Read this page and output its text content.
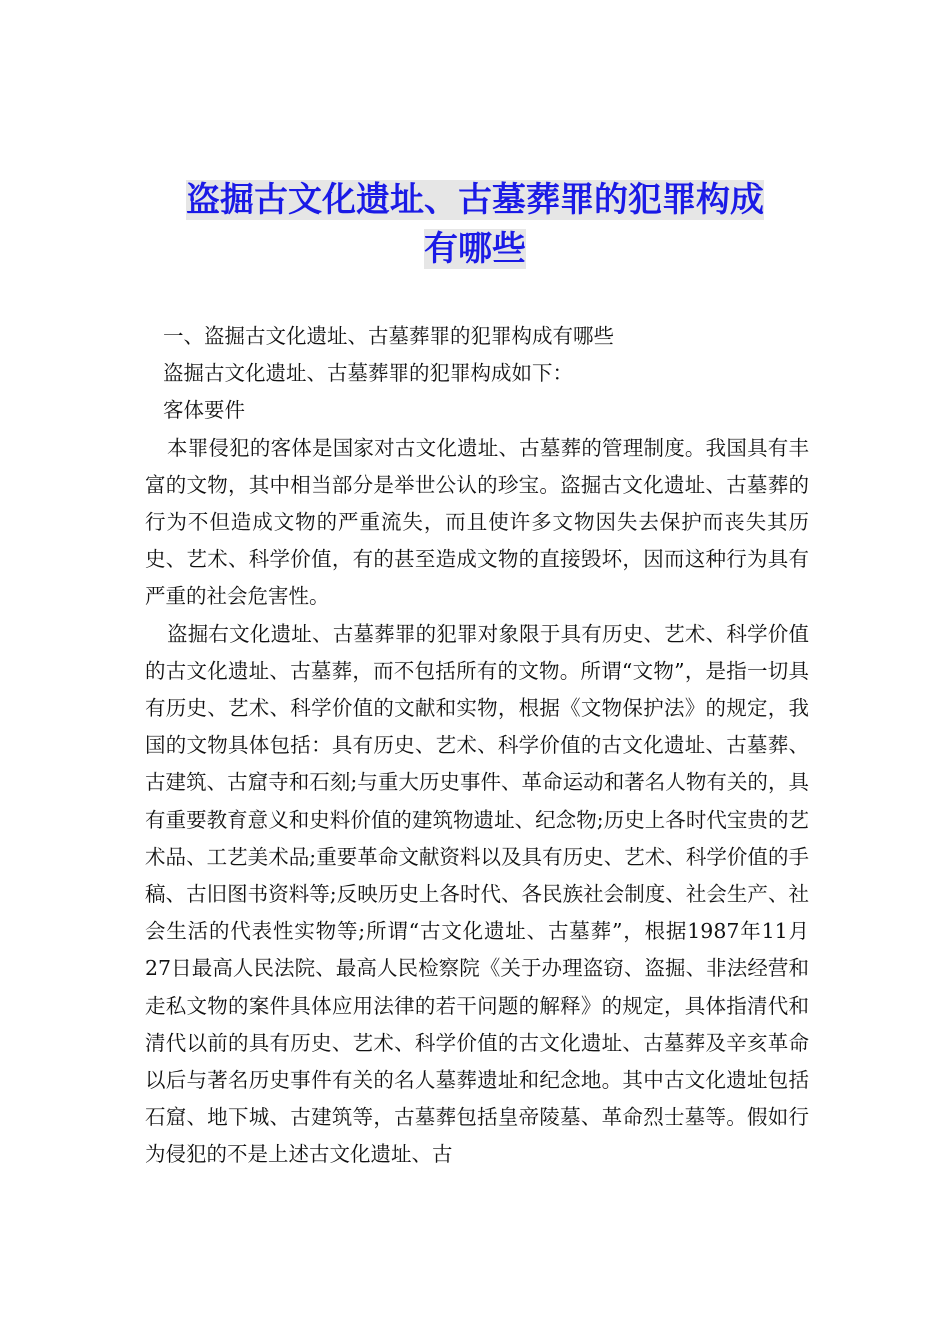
盗掘古文化遗址、古墓葬罪的犯罪构成
有哪些

一、盗掘古文化遗址、古墓葬罪的犯罪构成有哪些

盗掘古文化遗址、古墓葬罪的犯罪构成如下：

客体要件

本罪侵犯的客体是国家对古文化遗址、古墓葬的管理制度。我国具有丰富的文物，其中相当部分是举世公认的珍宝。盗掘古文化遗址、古墓葬的行为不但造成文物的严重流失，而且使许多文物因失去保护而丧失其历史、艺术、科学价值，有的甚至造成文物的直接毁坏，因而这种行为具有严重的社会危害性。

盗掘右文化遗址、古墓葬罪的犯罪对象限于具有历史、艺术、科学价值的古文化遗址、古墓葬，而不包括所有的文物。所谓“文物”，是指一切具有历史、艺术、科学价值的文献和实物，根据《文物保护法》的规定，我国的文物具体包括：具有历史、艺术、科学价值的古文化遗址、古墓葬、古建筑、古窟寺和石刻;与重大历史事件、革命运动和著名人物有关的，具有重要教育意义和史料价值的建筑物遗址、纪念物;历史上各时代宝贵的艺术品、工艺美术品;重要革命文献资料以及具有历史、艺术、科学价值的手稿、古旧图书资料等;反映历史上各时代、各民族社会制度、社会生产、社会生活的代表性实物等;所谓“古文化遗址、古墓葬”，根据1987年11月27日最高人民法院、最高人民检察院《关于办理盗窃、盗掘、非法经营和走私文物的案件具体应用法律的若干问题的解释》的规定，具体指清代和清代以前的具有历史、艺术、科学价值的古文化遗址、古墓葬及辛亥革命以后与著名历史事件有关的名人墓葬遗址和纪念地。其中古文化遗址包括石窟、地下城、古建筑等，古墓葬包括皇帝陵墓、革命烈士墓等。假如行为侵犯的不是上述古文化遗址、古
